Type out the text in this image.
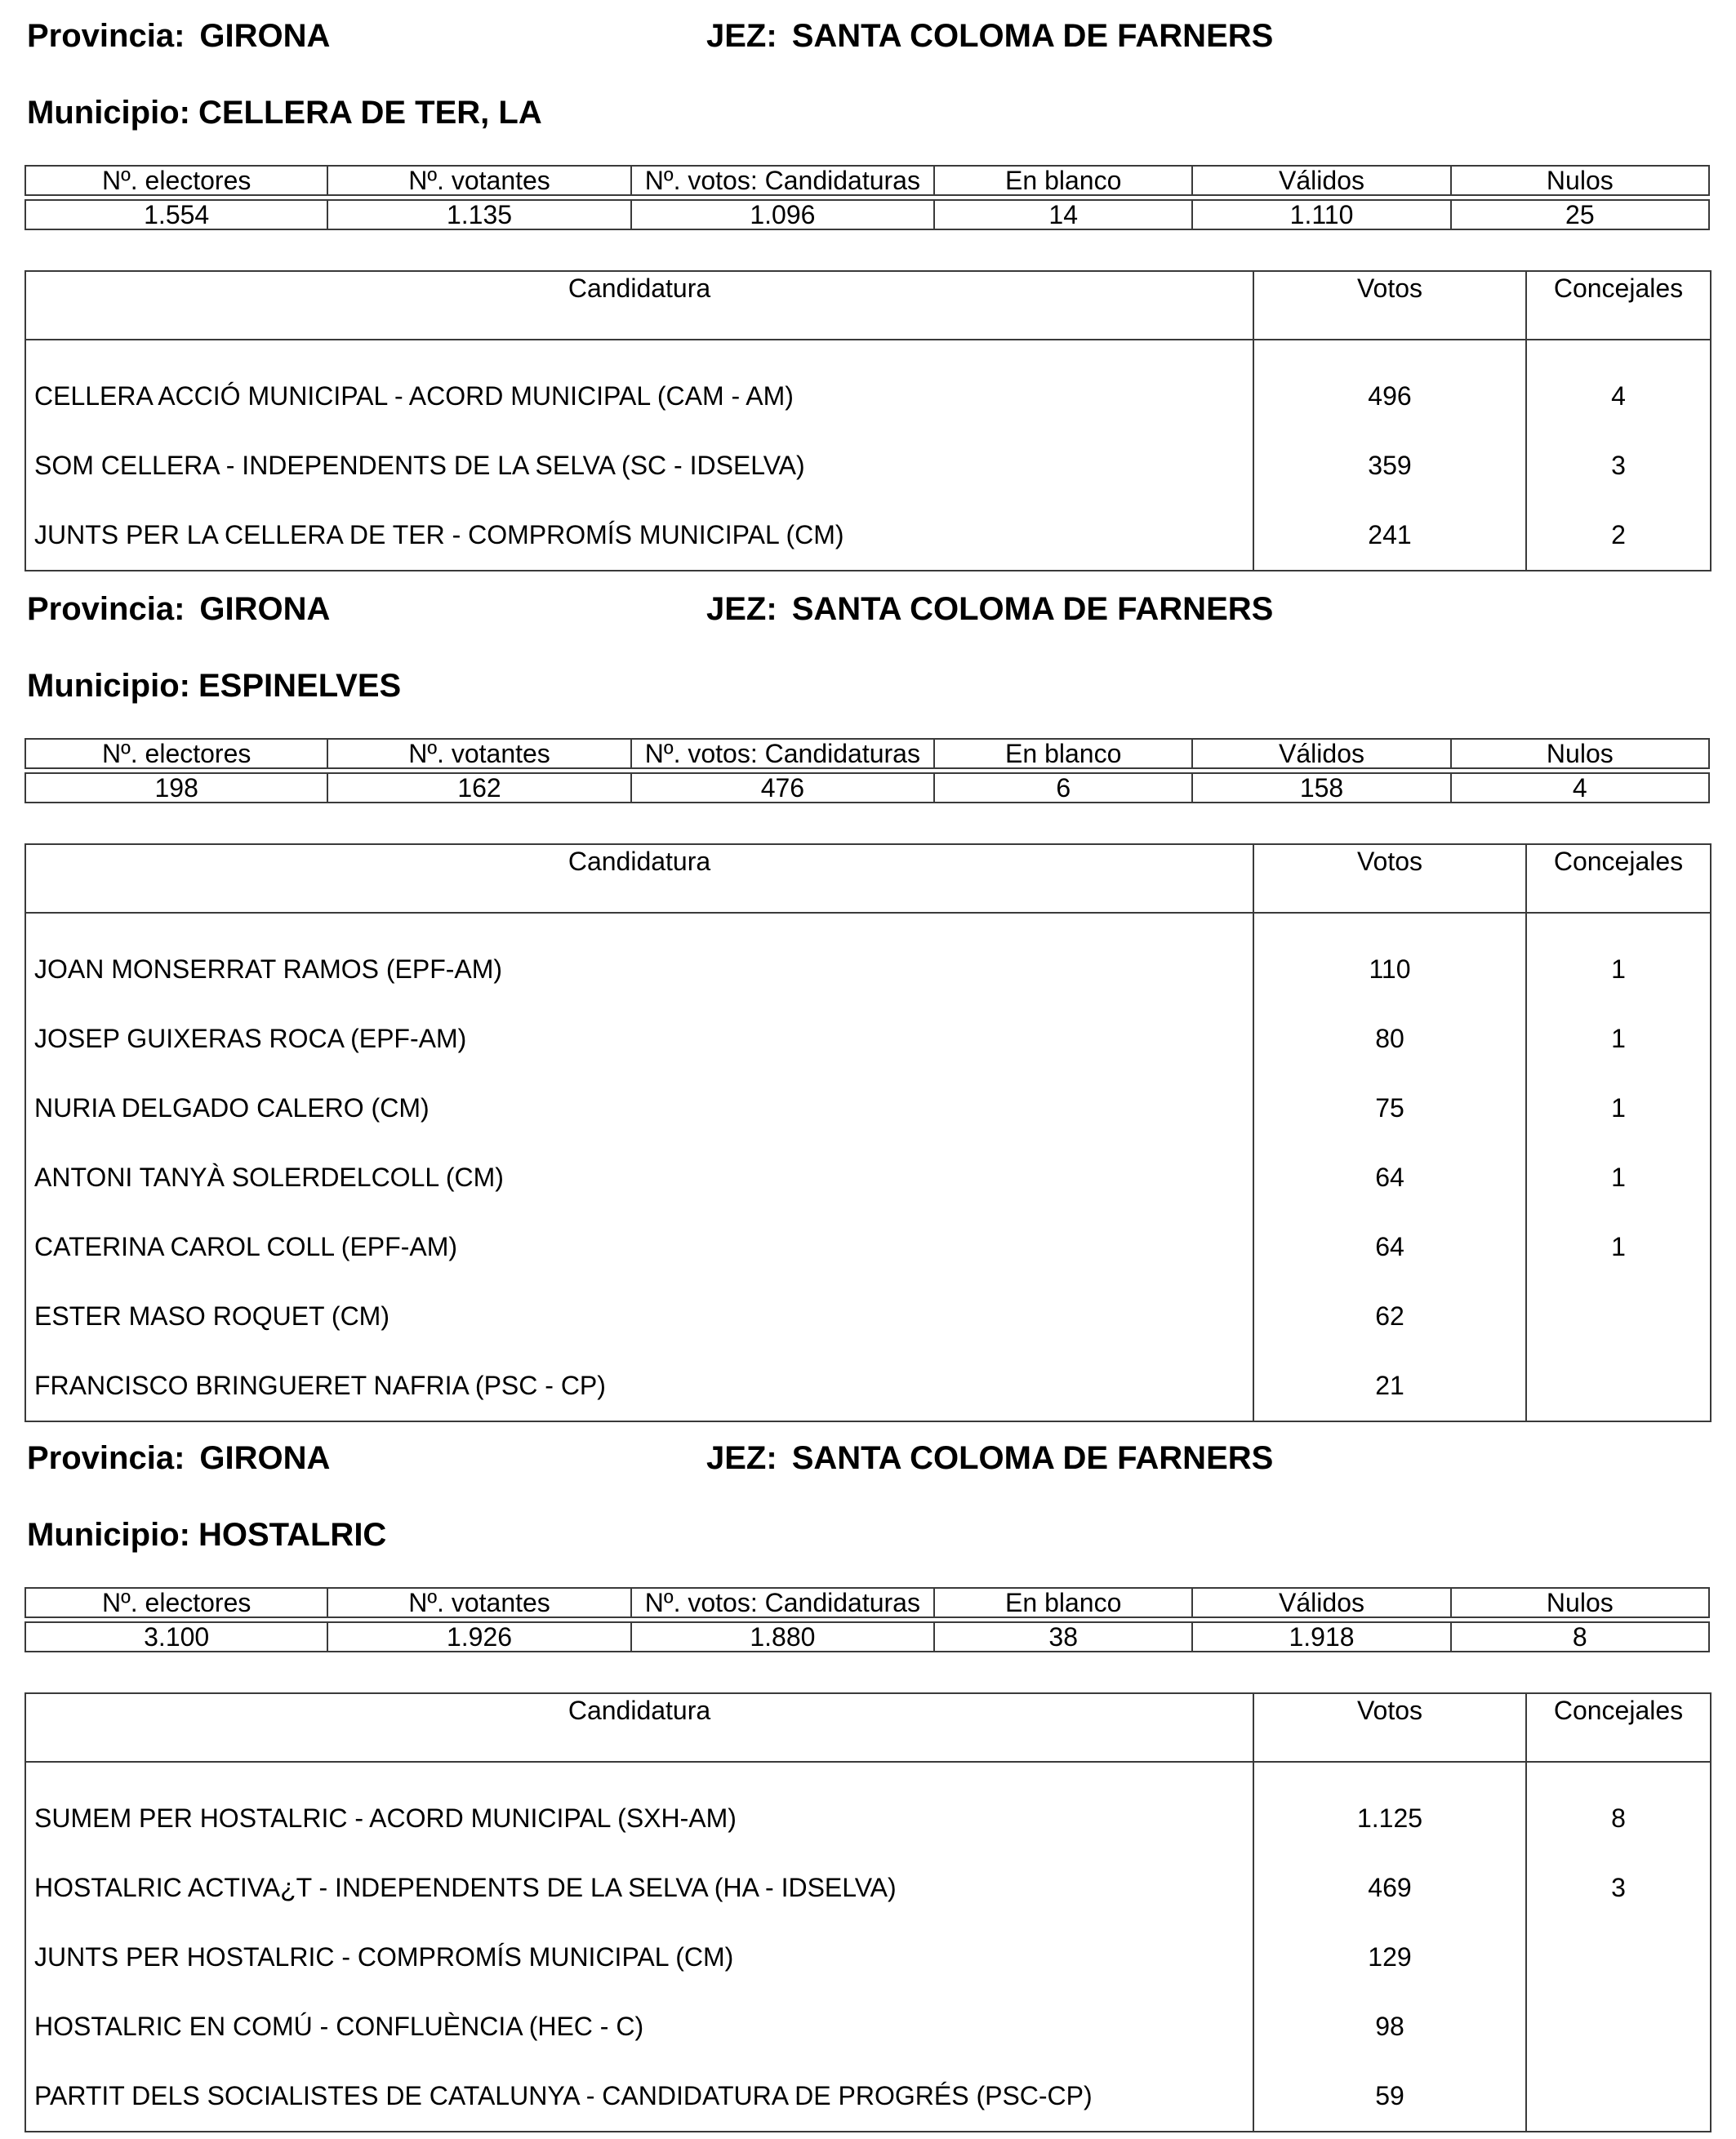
Provincia: GIRONA	JEZ: SANTA COLOMA DE FARNERS
Municipio: CELLERA DE TER, LA
Nº. electores	Nº. votantes	Nº. votos: Candidaturas	En blanco	Válidos	Nulos

1.554	1.135	1.096	14	1.110	25
Candidatura	Votos	Concejales
CELLERA ACCIÓ MUNICIPAL - ACORD MUNICIPAL (CAM - AM)	496	4
SOM CELLERA - INDEPENDENTS DE LA SELVA (SC - IDSELVA)	359	3
JUNTS PER LA CELLERA DE TER - COMPROMÍS MUNICIPAL (CM)	241	2
Provincia: GIRONA	JEZ: SANTA COLOMA DE FARNERS
Municipio: ESPINELVES
Nº. electores	Nº. votantes	Nº. votos: Candidaturas	En blanco	Válidos	Nulos

198	162	476	6	158	4
Candidatura	Votos	Concejales
JOAN MONSERRAT RAMOS (EPF-AM)	110	1
JOSEP GUIXERAS ROCA (EPF-AM)	80	1
NURIA DELGADO CALERO (CM)	75	1
ANTONI TANYÀ SOLERDELCOLL (CM)	64	1
CATERINA CAROL COLL (EPF-AM)	64	1
ESTER MASO ROQUET (CM)	62	
FRANCISCO BRINGUERET NAFRIA (PSC - CP)	21	
Provincia: GIRONA	JEZ: SANTA COLOMA DE FARNERS
Municipio: HOSTALRIC
Nº. electores	Nº. votantes	Nº. votos: Candidaturas	En blanco	Válidos	Nulos

3.100	1.926	1.880	38	1.918	8
Candidatura	Votos	Concejales
SUMEM PER HOSTALRIC - ACORD MUNICIPAL (SXH-AM)	1.125	8
HOSTALRIC ACTIVA¿T - INDEPENDENTS DE LA SELVA (HA - IDSELVA)	469	3
JUNTS PER HOSTALRIC - COMPROMÍS MUNICIPAL (CM)	129	
HOSTALRIC EN COMÚ - CONFLUÈNCIA (HEC - C)	98	
PARTIT DELS SOCIALISTES DE CATALUNYA - CANDIDATURA DE PROGRÉS (PSC-CP)	59	
